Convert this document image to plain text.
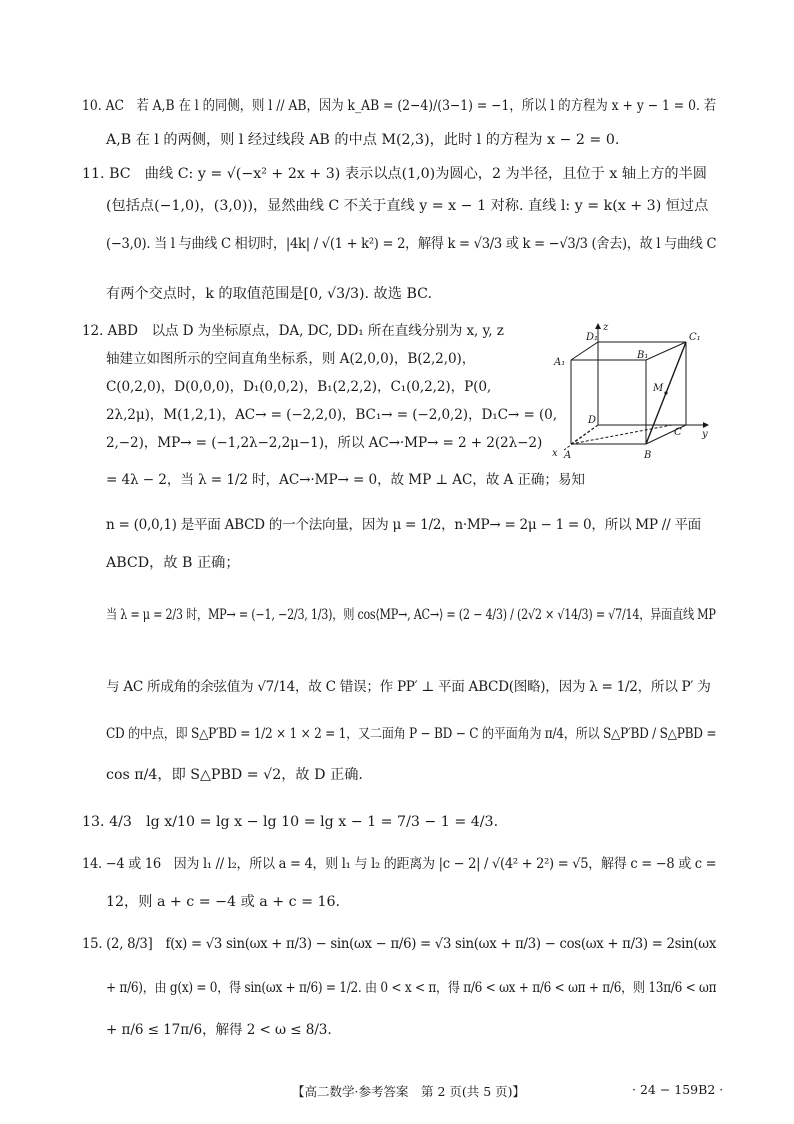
10. AC　若 A,B 在 l 的同侧，则 l // AB，因为 k_AB = (2−4)/(3−1) = −1，所以 l 的方程为 x + y − 1 = 0. 若
A,B 在 l 的两侧，则 l 经过线段 AB 的中点 M(2,3)，此时 l 的方程为 x − 2 = 0.
11. BC　曲线 C: y = √(−x² + 2x + 3) 表示以点(1,0)为圆心，2 为半径，且位于 x 轴上方的半圆
(包括点(−1,0)，(3,0))，显然曲线 C 不关于直线 y = x − 1 对称. 直线 l: y = k(x + 3) 恒过点
(−3,0). 当 l 与曲线 C 相切时，|4k| / √(1 + k²) = 2，解得 k = √3/3 或 k = −√3/3 (舍去)，故 l 与曲线 C
有两个交点时，k 的取值范围是[0, √3/3). 故选 BC.
12. ABD　以点 D 为坐标原点，DA, DC, DD₁ 所在直线分别为 x, y, z
轴建立如图所示的空间直角坐标系，则 A(2,0,0)，B(2,2,0)，
C(0,2,0)，D(0,0,0)，D₁(0,0,2)，B₁(2,2,2)，C₁(0,2,2)，P(0,
2λ,2μ)，M(1,2,1)，AC→ = (−2,2,0)，BC₁→ = (−2,0,2)，D₁C→ = (0,
2,−2)，MP→ = (−1,2λ−2,2μ−1)，所以 AC→·MP→ = 2 + 2(2λ−2)
= 4λ − 2，当 λ = 1/2 时，AC→·MP→ = 0，故 MP ⊥ AC，故 A 正确；易知
n = (0,0,1) 是平面 ABCD 的一个法向量，因为 μ = 1/2，n·MP→ = 2μ − 1 = 0，所以 MP // 平面
ABCD，故 B 正确；
当 λ = μ = 2/3 时，MP→ = (−1, −2/3, 1/3)，则 cos⟨MP→, AC→⟩ = (2 − 4/3) / (2√2 × √14/3) = √7/14，异面直线 MP
与 AC 所成角的余弦值为 √7/14，故 C 错误；作 PP′ ⊥ 平面 ABCD(图略)，因为 λ = 1/2，所以 P′ 为
CD 的中点，即 S△P′BD = 1/2 × 1 × 2 = 1，又二面角 P − BD − C 的平面角为 π/4，所以 S△P′BD / S△PBD =
cos π/4，即 S△PBD = √2，故 D 正确.
13. 4/3　lg x/10 = lg x − lg 10 = lg x − 1 = 7/3 − 1 = 4/3.
14. −4 或 16　因为 l₁ // l₂，所以 a = 4，则 l₁ 与 l₂ 的距离为 |c − 2| / √(4² + 2²) = √5，解得 c = −8 或 c =
12，则 a + c = −4 或 a + c = 16.
15. (2, 8/3]　f(x) = √3 sin(ωx + π/3) − sin(ωx − π/6) = √3 sin(ωx + π/3) − cos(ωx + π/3) = 2sin(ωx
+ π/6)，由 g(x) = 0，得 sin(ωx + π/6) = 1/2. 由 0 < x < π，得 π/6 < ωx + π/6 < ωπ + π/6，则 13π/6 < ωπ
+ π/6 ≤ 17π/6，解得 2 < ω ≤ 8/3.
z
D₁	C₁
A₁
B₁
M
D
C y
x A	B
【高二数学·参考答案　第 2 页(共 5 页)】	· 24 − 159B2 ·
